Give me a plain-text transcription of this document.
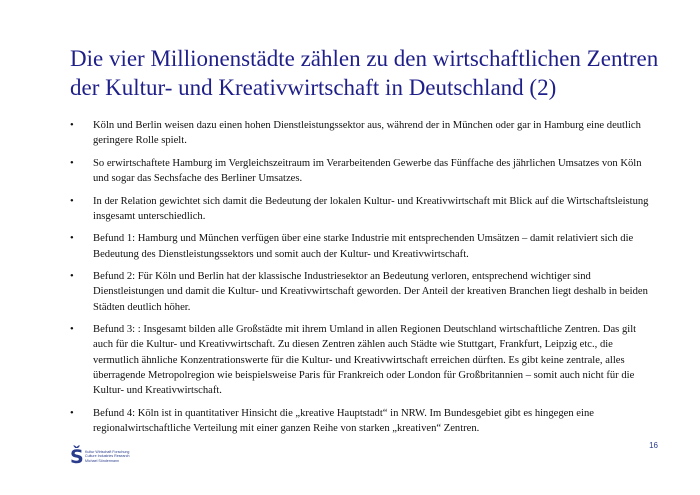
Die vier Millionenstädte zählen zu den wirtschaftlichen Zentren
der Kultur- und Kreativwirtschaft in Deutschland (2)
• Köln und Berlin weisen dazu einen hohen Dienstleistungssektor aus, während der in München oder gar in Hamburg eine deutlich geringere Rolle spielt.
• So erwirtschaftete Hamburg im Vergleichszeitraum im Verarbeitenden Gewerbe das Fünffache des jährlichen Umsatzes von Köln und sogar das Sechsfache des Berliner Umsatzes.
• In der Relation gewichtet sich damit die Bedeutung der lokalen Kultur- und Kreativwirtschaft mit Blick auf die Wirtschaftsleistung insgesamt unterschiedlich.
• Befund 1: Hamburg und München verfügen über eine starke Industrie mit entsprechenden Umsätzen – damit relativiert sich die Bedeutung des Dienstleistungssektors und somit auch der Kultur- und Kreativwirtschaft.
• Befund 2: Für Köln und Berlin hat der klassische Industriesektor an Bedeutung verloren, entsprechend wichtiger sind Dienstleistungen und damit die Kultur- und Kreativwirtschaft geworden. Der Anteil der kreativen Branchen liegt deshalb in beiden Städten deutlich höher.
• Befund 3: : Insgesamt bilden alle Großstädte mit ihrem Umland in allen Regionen Deutschland wirtschaftliche Zentren. Das gilt auch für die Kultur- und Kreativwirtschaft. Zu diesen Zentren zählen auch Städte wie Stuttgart, Frankfurt, Leipzig etc., die vermutlich ähnliche Konzentrationswerte für die Kultur- und Kreativwirtschaft erreichen dürften. Es gibt keine zentrale, alles überragende Metropolregion wie beispielsweise Paris für Frankreich oder London für Großbritannien – somit auch nicht für die Kultur- und Kreativwirtschaft.
• Befund 4: Köln ist in quantitativer Hinsicht die „kreative Hauptstadt“ in NRW. Im Bundesgebiet gibt es hingegen eine regionalwirtschaftliche Verteilung mit einer ganzen Reihe von starken „kreativen“ Zentren.
Š Kultur Wirtschaft Forschung
Culture Industries Research
Michael Söndermann
16
